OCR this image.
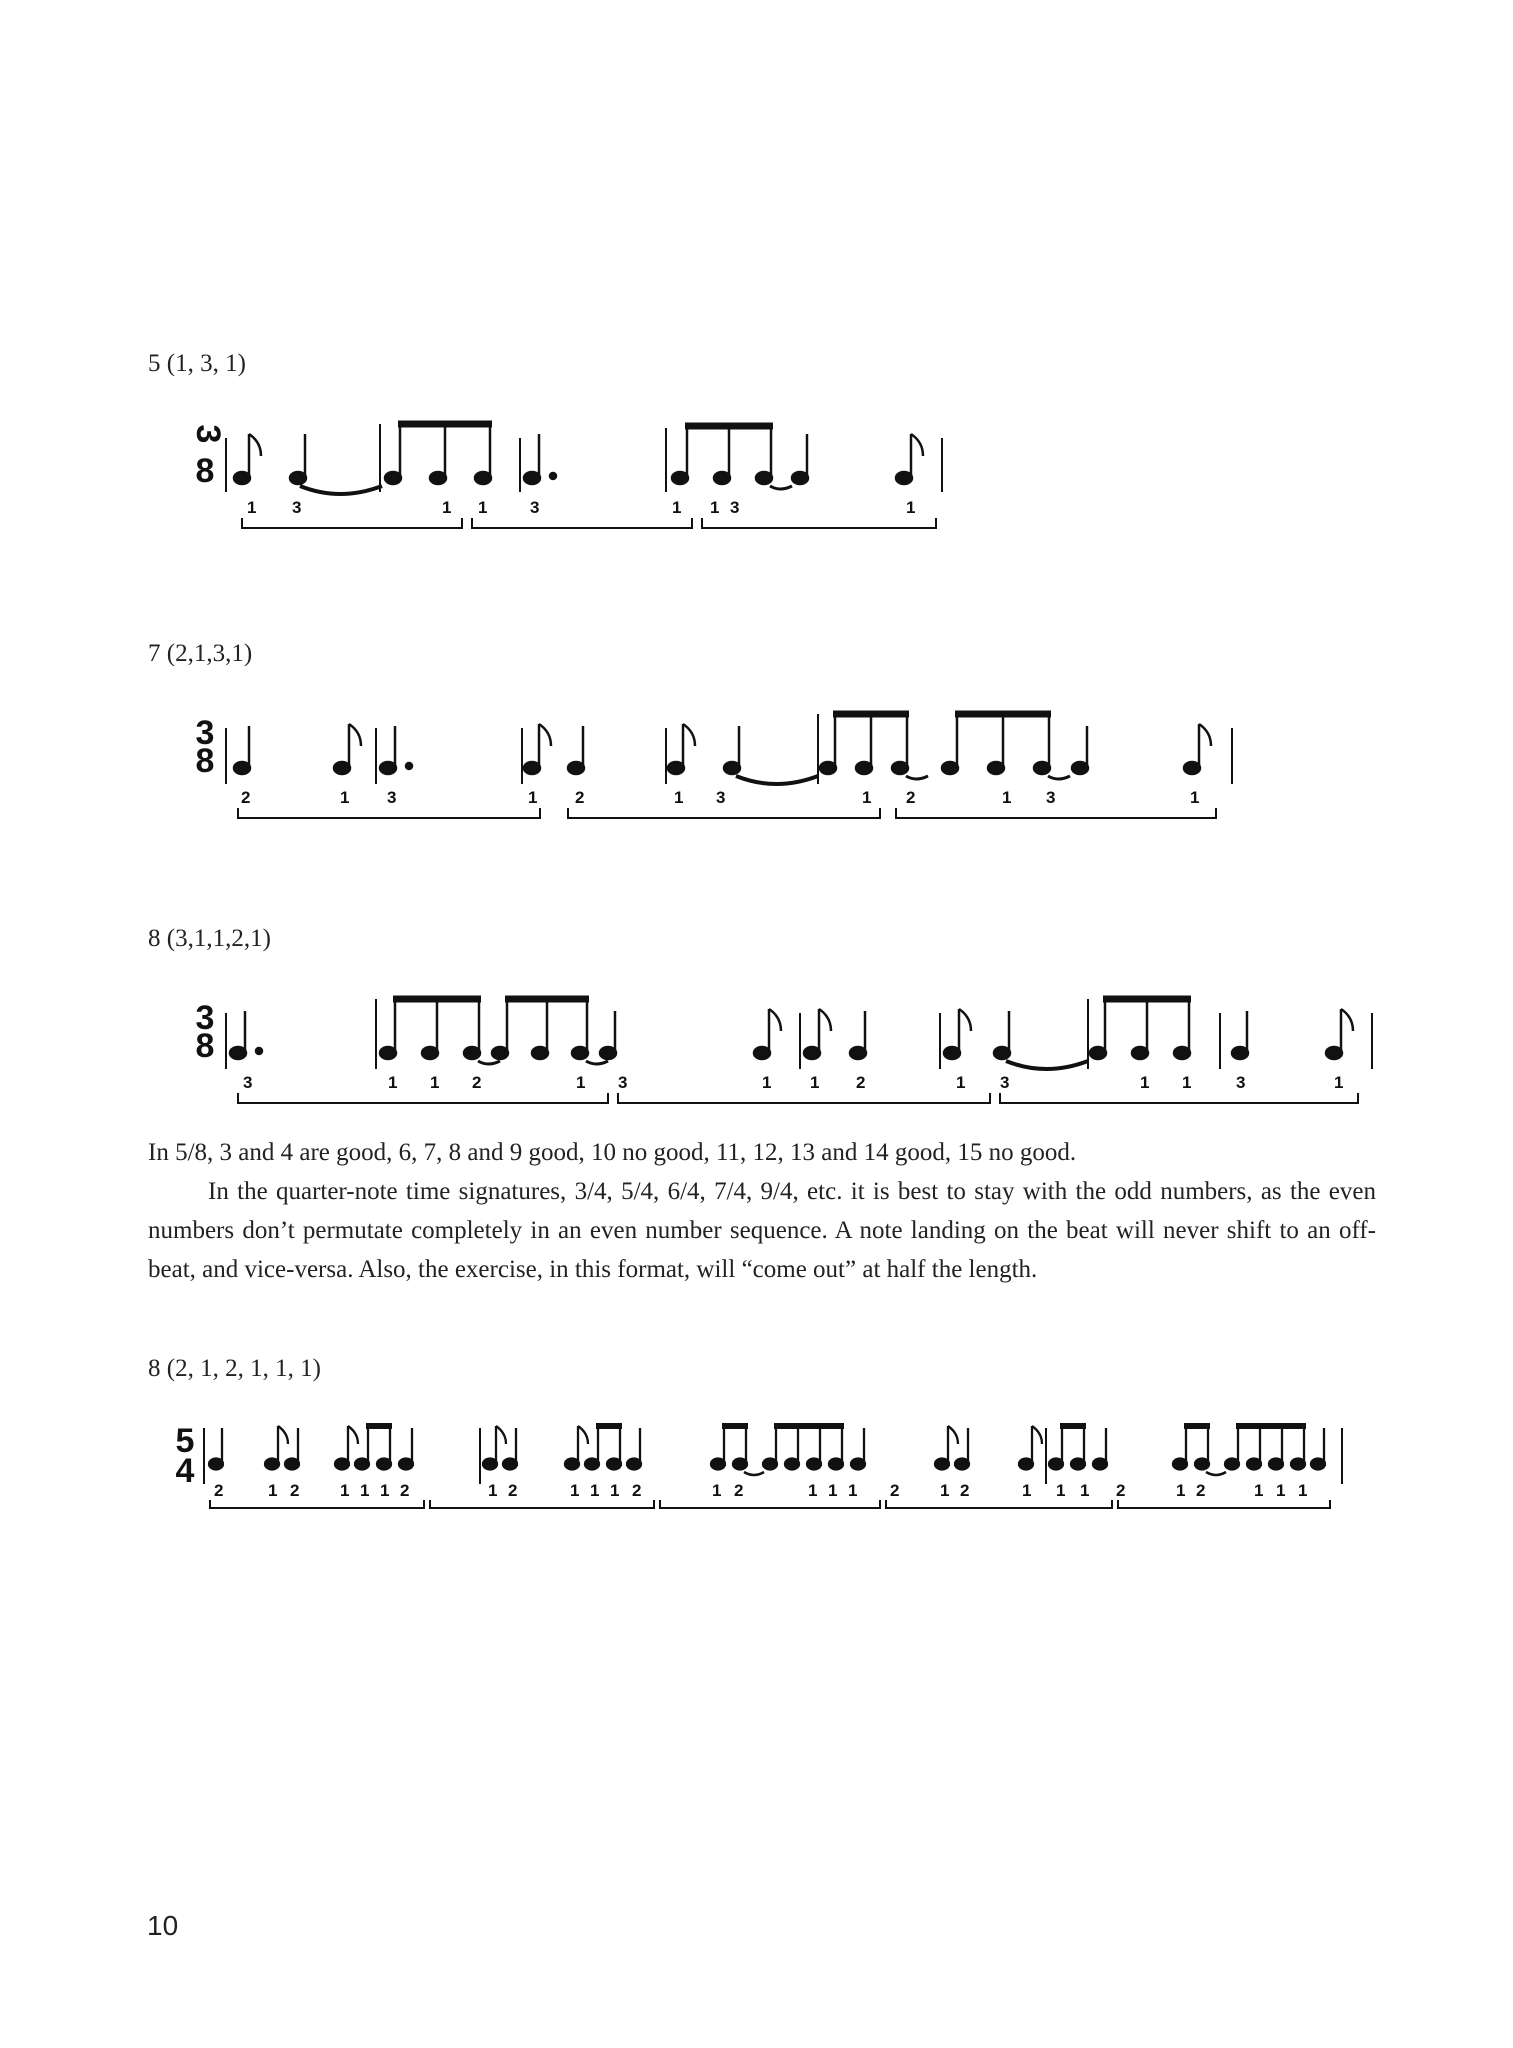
5 (1, 3, 1)
3
8
1 3	1 1	3	1 1 3	1
7 (2,1,3,1)
3
8
2	1 3	1 2	1 3	1 2	1 3	1
8 (3,1,1,2,1)
3
8
3	1 1 2	1 3	1 1 2	1 3	1 1	3	1

In 5/8, 3 and 4 are good, 6, 7, 8 and 9 good, 10 no good, 11, 12, 13 and 14 good, 15 no good.

In the quarter-note time signatures, 3/4, 5/4, 6/4, 7/4, 9/4, etc. it is best to stay with the odd numbers, as the even numbers don’t permutate completely in an even number sequence. A note landing on the beat will never shift to an off-beat, and vice-versa. Also, the exercise, in this format, will “come out” at half the length.

8 (2, 1, 2, 1, 1, 1)
5
4
2	1 2 1 1 1 2	1 2	1 1 1 2	1 2	1 1 1 2 1 2	1 1 1 2	1 2	1 1 1
10
